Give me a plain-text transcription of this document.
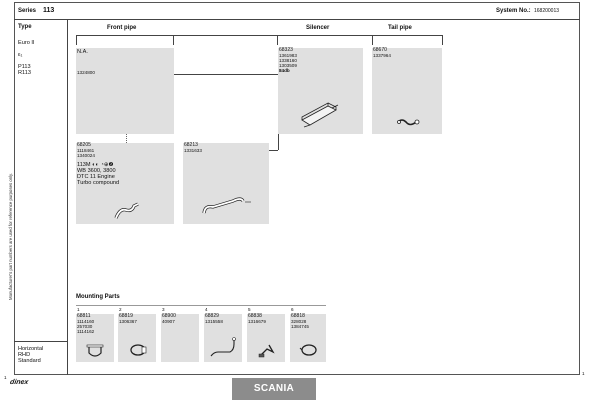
Series 113	System No.: 168200013
Type
Euro II
ε₁
P113
R113
Manufacturer's part numbers are used for reference purposes only.
Horizontal
RHD
Standard
Front pipe	Silencer	Tail pipe
N.A.
1324800
68323
1361983
1338160
1303509
84db
68670
1337964
68205
1118461
1340024
113M ◐◐ ◔⊕❷
WB 3600, 3800
DTC 11 Engine
Turbo compound
68213
1331633
Mounting Parts
1
68811
1114160
257030
1114162
2
68819
1306367
3
68900
40907
4
68829
1315558
5
68838
1316679
6
68818
328028
1384745
dinex
SCANIA
1
1
